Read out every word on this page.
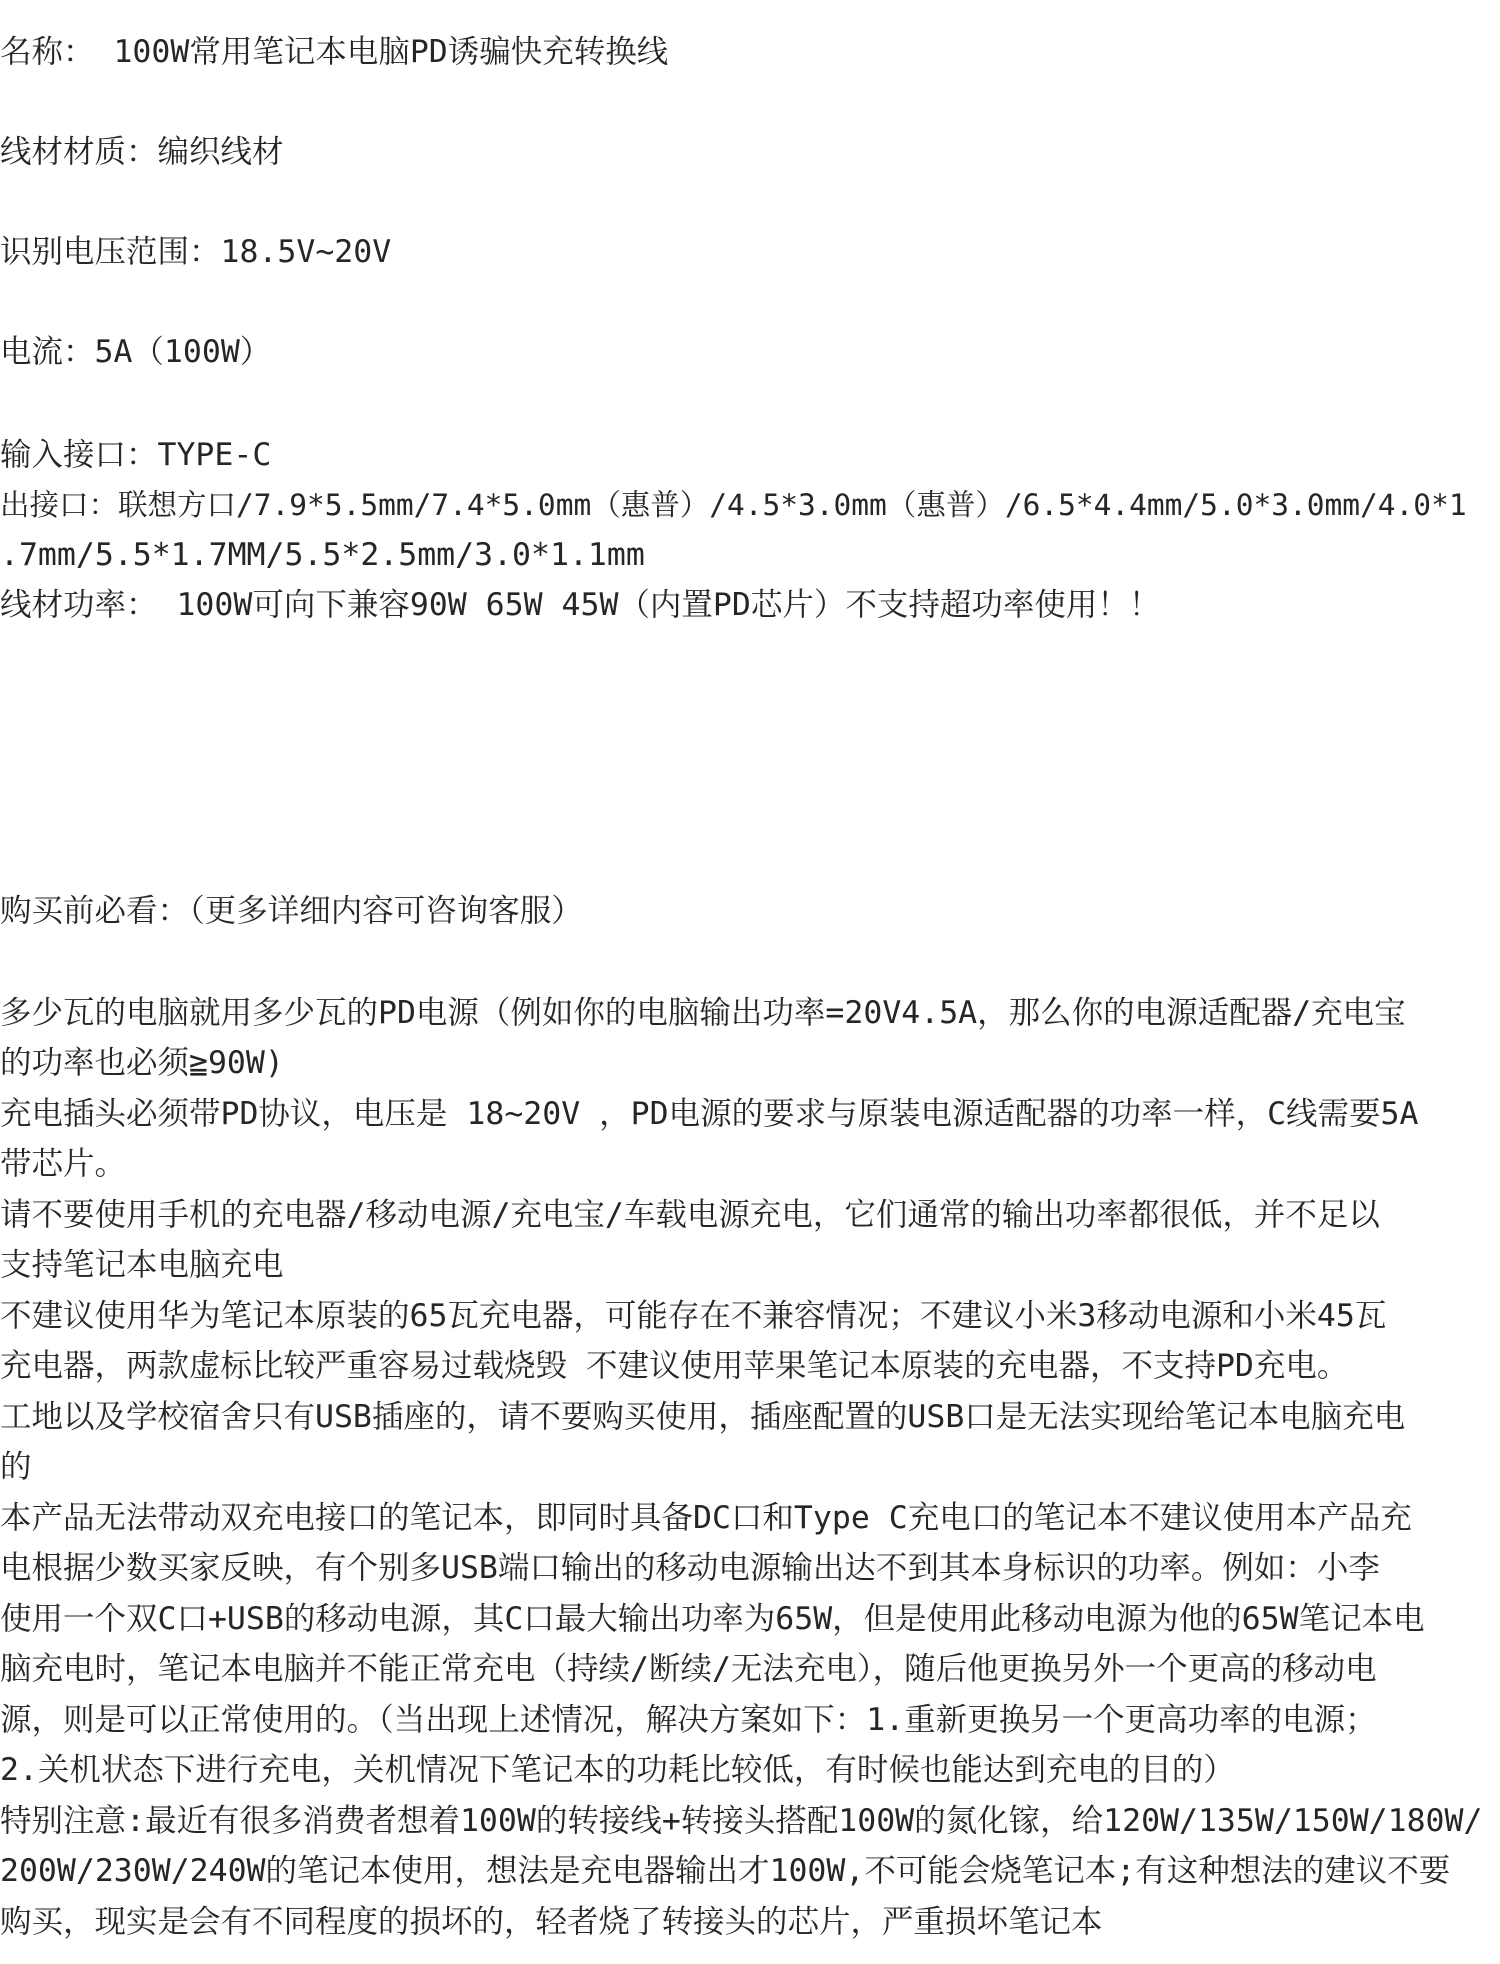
名称： 100W常用笔记本电脑PD诱骗快充转换线

线材材质：编织线材

识别电压范围：18.5V~20V

电流：5A（100W）

输入接口：TYPE-C

出接口：联想方口/7.9*5.5mm/7.4*5.0mm（惠普）/4.5*3.0mm（惠普）/6.5*4.4mm/5.0*3.0mm/4.0*1

.7mm/5.5*1.7MM/5.5*2.5mm/3.0*1.1mm

线材功率： 100W可向下兼容90W 65W 45W（内置PD芯片）不支持超功率使用！！

购买前必看：（更多详细内容可咨询客服）

多少瓦的电脑就用多少瓦的PD电源（例如你的电脑输出功率=20V4.5A，那么你的电源适配器/充电宝

的功率也必须≧90W)

充电插头必须带PD协议，电压是 18~20V ，PD电源的要求与原装电源适配器的功率一样，C线需要5A

带芯片。

请不要使用手机的充电器/移动电源/充电宝/车载电源充电，它们通常的输出功率都很低，并不足以

支持笔记本电脑充电

不建议使用华为笔记本原装的65瓦充电器，可能存在不兼容情况；不建议小米3移动电源和小米45瓦

充电器，两款虚标比较严重容易过载烧毁 不建议使用苹果笔记本原装的充电器，不支持PD充电。

工地以及学校宿舍只有USB插座的，请不要购买使用，插座配置的USB口是无法实现给笔记本电脑充电

的

本产品无法带动双充电接口的笔记本，即同时具备DC口和Type C充电口的笔记本不建议使用本产品充

电根据少数买家反映，有个别多USB端口输出的移动电源输出达不到其本身标识的功率。例如：小李

使用一个双C口+USB的移动电源，其C口最大输出功率为65W，但是使用此移动电源为他的65W笔记本电

脑充电时，笔记本电脑并不能正常充电（持续/断续/无法充电），随后他更换另外一个更高的移动电

源，则是可以正常使用的。（当出现上述情况，解决方案如下：1.重新更换另一个更高功率的电源；

2.关机状态下进行充电，关机情况下笔记本的功耗比较低，有时候也能达到充电的目的）

特别注意:最近有很多消费者想着100W的转接线+转接头搭配100W的氮化镓，给120W/135W/150W/180W/

200W/230W/240W的笔记本使用，想法是充电器输出才100W,不可能会烧笔记本;有这种想法的建议不要

购买，现实是会有不同程度的损坏的，轻者烧了转接头的芯片，严重损坏笔记本
